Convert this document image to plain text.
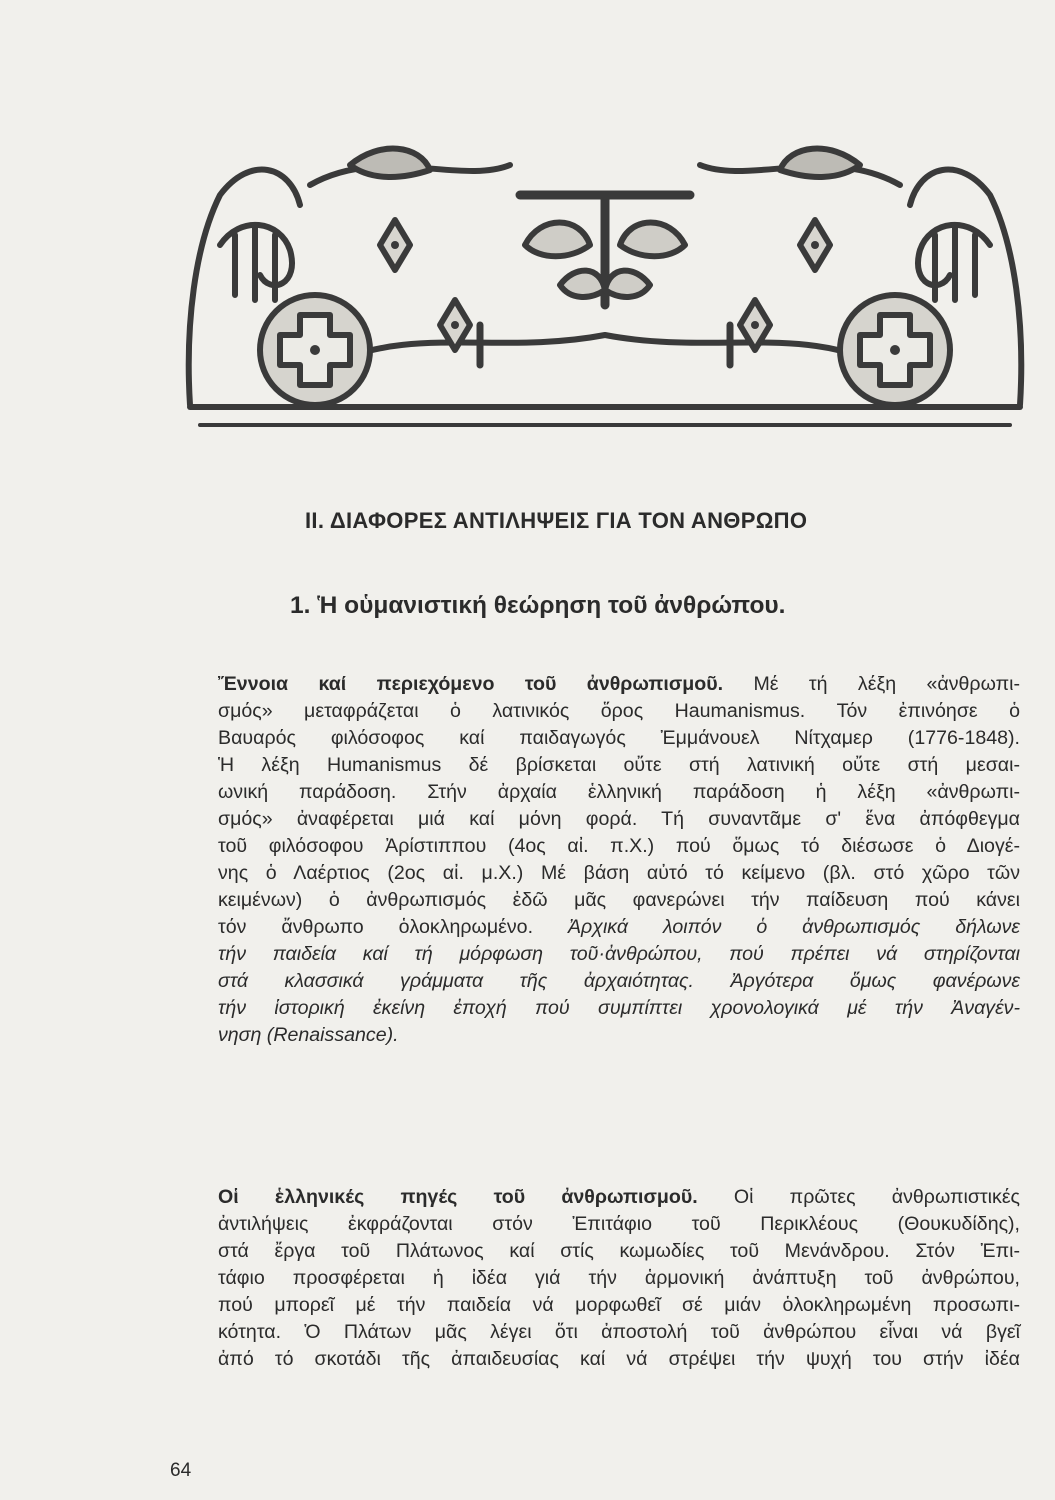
ΙΙ. ΔΙΑΦΟΡΕΣ ΑΝΤΙΛΗΨΕΙΣ ΓΙΑ ΤΟΝ ΑΝΘΡΩΠΟ
1. Ἡ οὑμανιστική θεώρηση τοῦ ἀνθρώπου.

Ἔννοια καί περιεχόμενο τοῦ ἀνθρωπισμοῦ. Μέ τή λέξη «ἀνθρωπι-
σμός» μεταφράζεται ὁ λατινικός ὅρος Haumanismus. Τόν ἐπινόησε ὁ
Βαυαρός φιλόσοφος καί παιδαγωγός Ἐμμάνουελ Νίτχαμερ (1776-1848).
Ἡ λέξη Humanismus δέ βρίσκεται οὔτε στή λατινική οὔτε στή μεσαι-
ωνική παράδοση. Στήν ἀρχαία ἑλληνική παράδοση ἡ λέξη «ἀνθρωπι-
σμός» ἀναφέρεται μιά καί μόνη φορά. Τή συναντᾶμε σ' ἕνα ἀπόφθεγμα
τοῦ φιλόσοφου Ἀρίστιππου (4ος αἰ. π.Χ.) πού ὅμως τό διέσωσε ὁ Διογέ-
νης ὁ Λαέρτιος (2ος αἰ. μ.Χ.) Μέ βάση αὐτό τό κείμενο (βλ. στό χῶρο τῶν
κειμένων) ὁ ἀνθρωπισμός ἐδῶ μᾶς φανερώνει τήν παίδευση πού κάνει
τόν ἄνθρωπο ὁλοκληρωμένο. Ἀρχικά λοιπόν ὁ ἀνθρωπισμός δήλωνε
τήν παιδεία καί τή μόρφωση τοῦ·ἀνθρώπου, πού πρέπει νά στηρίζονται
στά κλασσικά γράμματα τῆς ἀρχαιότητας. Ἀργότερα ὅμως φανέρωνε
τήν ἱστορική ἐκείνη ἐποχή πού συμπίπτει χρονολογικά μέ τήν Ἀναγέν-
νηση (Renaissance).

Οἱ ἑλληνικές πηγές τοῦ ἀνθρωπισμοῦ. Οἱ πρῶτες ἀνθρωπιστικές
ἀντιλήψεις ἐκφράζονται στόν Ἐπιτάφιο τοῦ Περικλέους (Θουκυδίδης),
στά ἔργα τοῦ Πλάτωνος καί στίς κωμωδίες τοῦ Μενάνδρου. Στόν Ἐπι-
τάφιο προσφέρεται ἡ ἰδέα γιά τήν ἁρμονική ἀνάπτυξη τοῦ ἀνθρώπου,
πού μπορεῖ μέ τήν παιδεία νά μορφωθεῖ σέ μιάν ὁλοκληρωμένη προσωπι-
κότητα. Ὁ Πλάτων μᾶς λέγει ὅτι ἀποστολή τοῦ ἀνθρώπου εἶναι νά βγεῖ
ἀπό τό σκοτάδι τῆς ἀπαιδευσίας καί νά στρέψει τήν ψυχή του στήν ἰδέα

64
